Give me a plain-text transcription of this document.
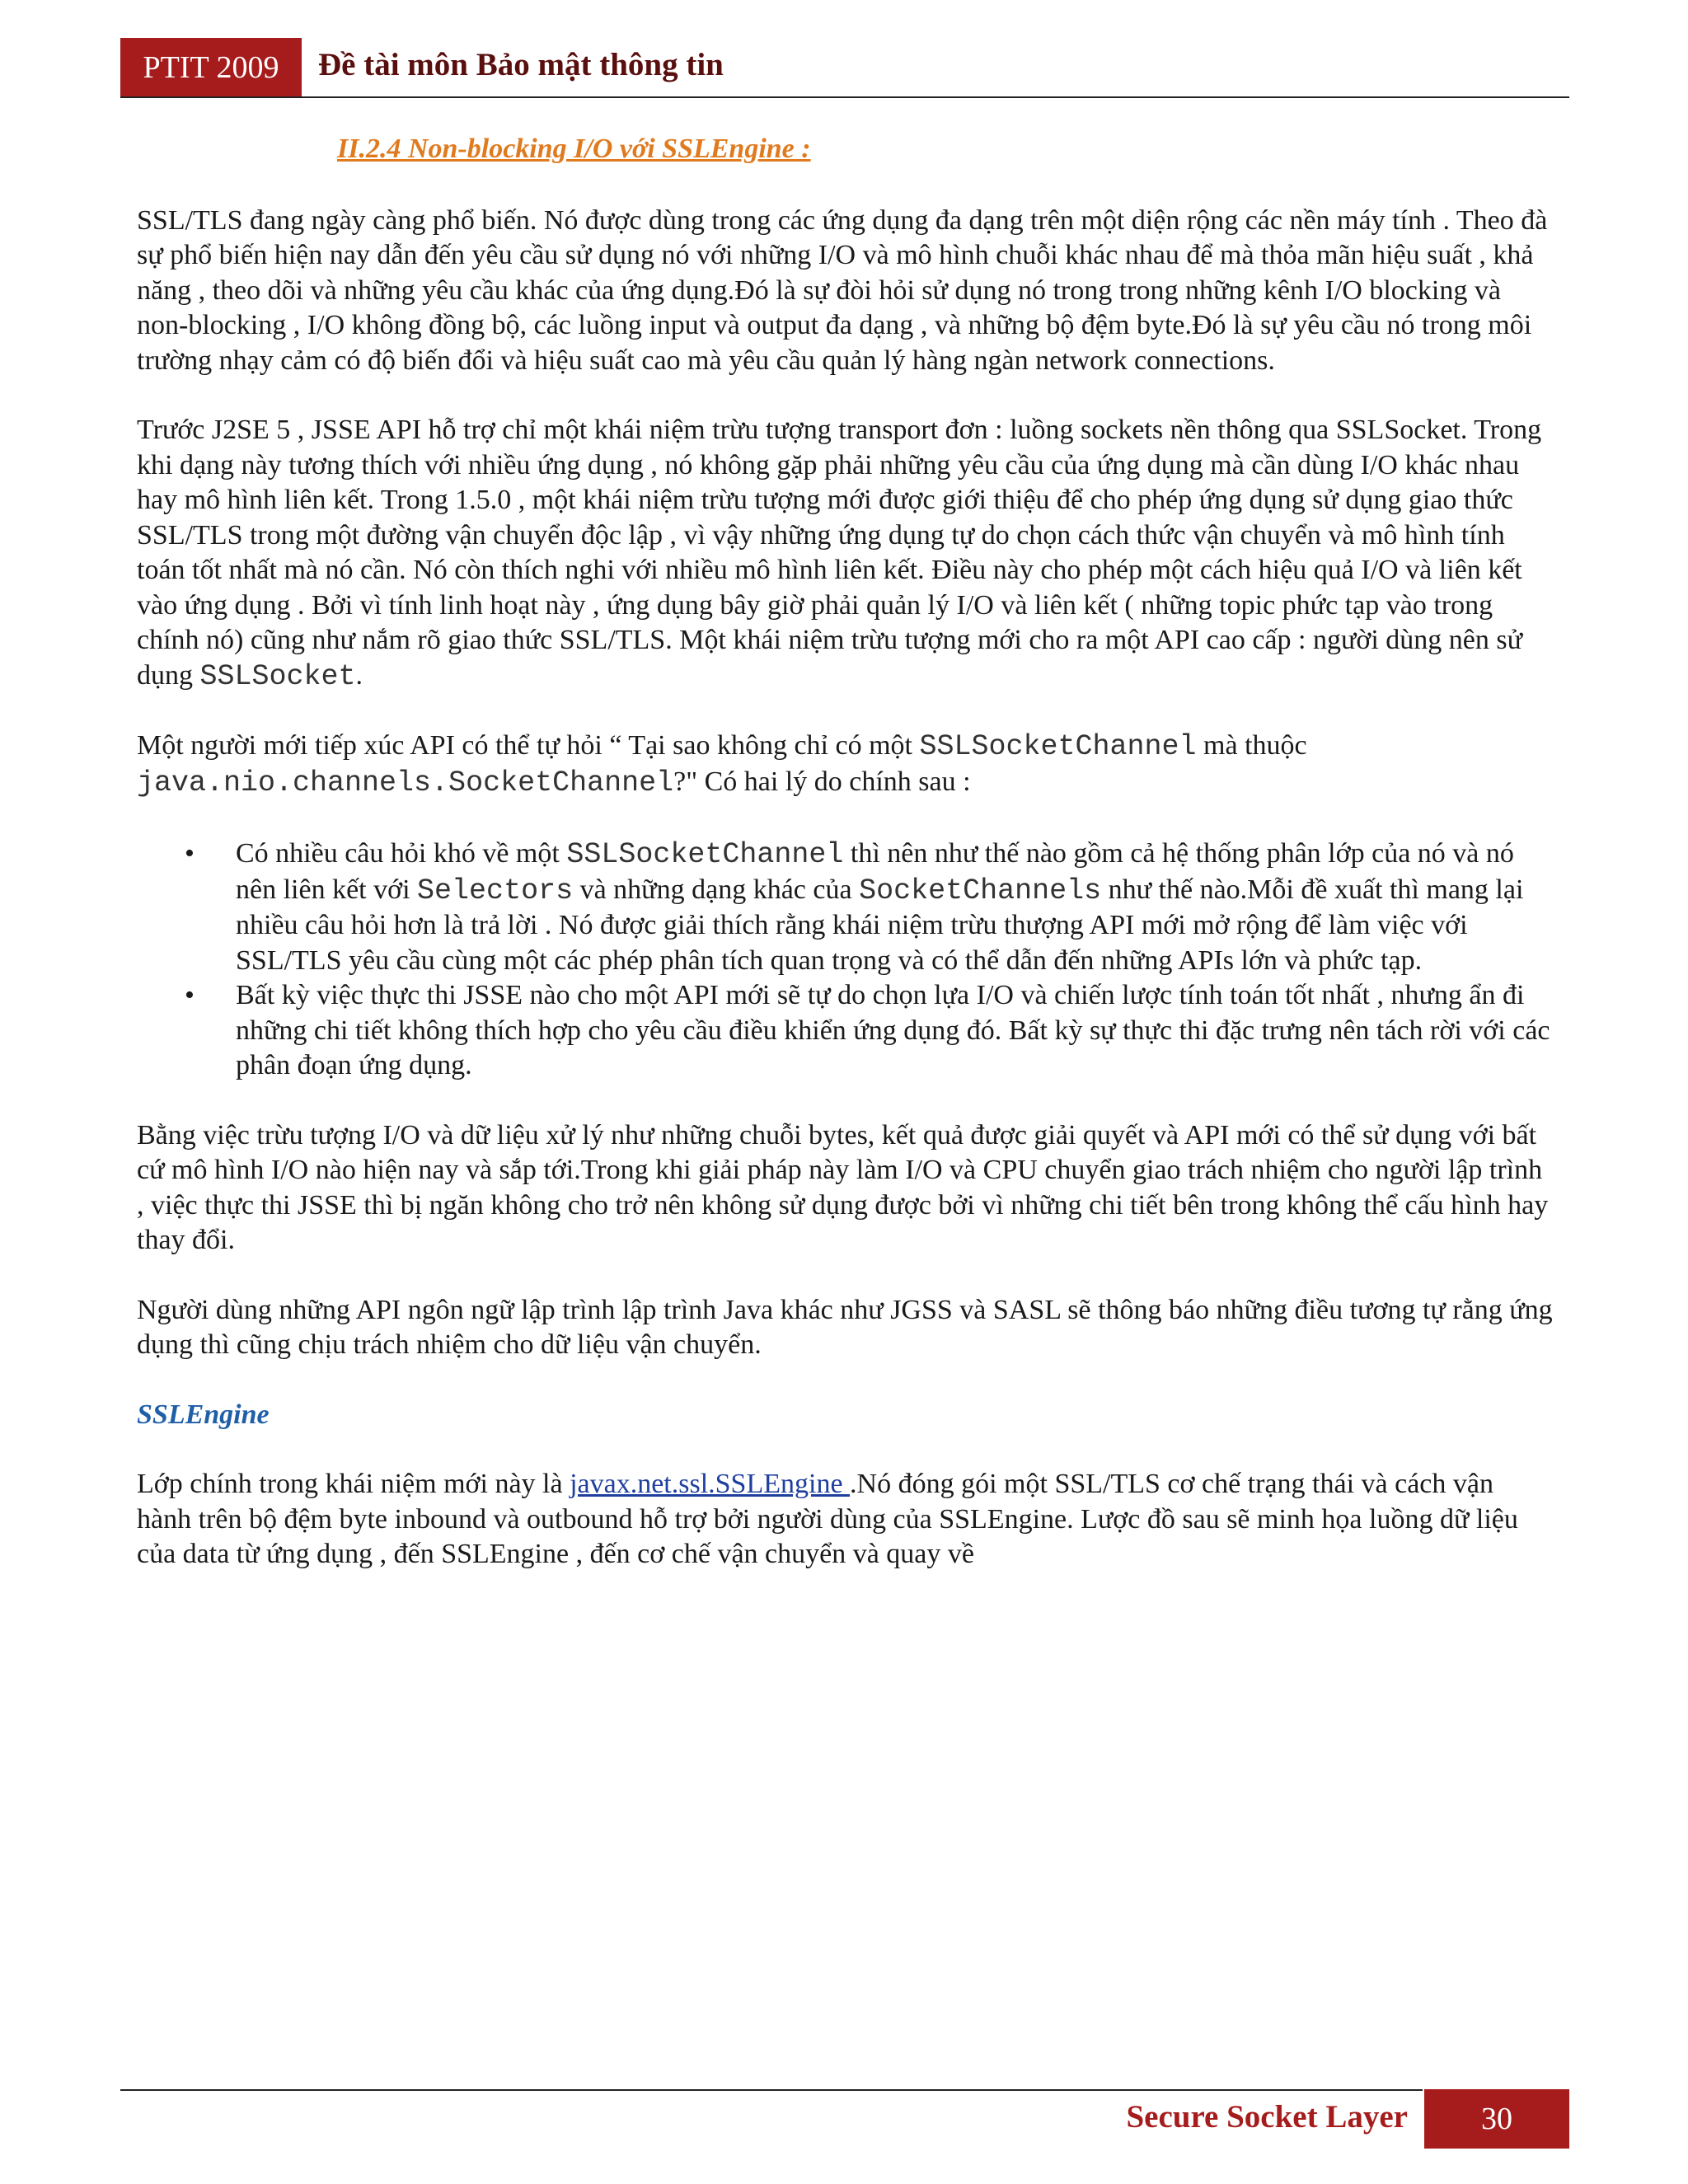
PTIT 2009	Đề tài môn Bảo mật thông tin
II.2.4 Non-blocking I/O với SSLEngine :

SSL/TLS đang ngày càng phổ biến. Nó được dùng trong các ứng dụng đa dạng trên một diện rộng các nền máy tính . Theo đà sự phổ biến hiện nay dẫn đến yêu cầu sử dụng nó với những I/O và mô hình chuỗi khác nhau để mà thỏa mãn hiệu suất , khả năng , theo dõi và những yêu cầu khác của ứng dụng.Đó là sự đòi hỏi sử dụng nó trong trong những kênh I/O blocking và non-blocking , I/O không đồng bộ, các luồng input và output đa dạng , và những bộ đệm byte.Đó là sự yêu cầu nó trong môi trường nhạy cảm có độ biến đổi và hiệu suất cao mà yêu cầu quản lý hàng ngàn network connections.

Trước J2SE 5 , JSSE API hỗ trợ chỉ một khái niệm trừu tượng transport đơn : luồng sockets nền thông qua SSLSocket. Trong khi dạng này tương thích với nhiều ứng dụng , nó không gặp phải những yêu cầu của ứng dụng mà cần dùng I/O khác nhau hay mô hình liên kết. Trong 1.5.0 , một khái niệm trừu tượng mới được giới thiệu để cho phép ứng dụng sử dụng giao thức SSL/TLS trong một đường vận chuyển độc lập , vì vậy những ứng dụng tự do chọn cách thức vận chuyển và mô hình tính toán tốt nhất mà nó cần. Nó còn thích nghi với nhiều mô hình liên kết. Điều này cho phép một cách hiệu quả I/O và liên kết vào ứng dụng . Bởi vì tính linh hoạt này , ứng dụng bây giờ phải quản lý I/O và liên kết ( những topic phức tạp vào trong chính nó) cũng như nắm rõ giao thức SSL/TLS. Một khái niệm trừu tượng mới cho ra một API cao cấp : người dùng nên sử dụng SSLSocket.

Một người mới tiếp xúc API có thể tự hỏi “ Tại sao không chỉ có một SSLSocketChannel mà thuộc
java.nio.channels.SocketChannel?" Có hai lý do chính sau :

• Có nhiều câu hỏi khó về một SSLSocketChannel thì nên như thế nào gồm cả hệ thống phân lớp của nó và nó nên liên kết với Selectors và những dạng khác của SocketChannels như thế nào.Mỗi đề xuất thì mang lại nhiều câu hỏi hơn là trả lời . Nó được giải thích rằng khái niệm trừu thượng API mới mở rộng để làm việc với SSL/TLS yêu cầu cùng một các phép phân tích quan trọng và có thể dẫn đến những APIs lớn và phức tạp.
• Bất kỳ việc thực thi JSSE nào cho một API mới sẽ tự do chọn lựa I/O và chiến lược tính toán tốt nhất , nhưng ẩn đi những chi tiết không thích hợp cho yêu cầu điều khiển ứng dụng đó. Bất kỳ sự thực thi đặc trưng nên tách rời với các phân đoạn ứng dụng.

Bằng việc trừu tượng I/O và dữ liệu xử lý như những chuỗi bytes, kết quả được giải quyết và API mới có thể sử dụng với bất cứ mô hình I/O nào hiện nay và sắp tới.Trong khi giải pháp này làm I/O và CPU chuyển giao trách nhiệm cho người lập trình , việc thực thi JSSE thì bị ngăn không cho trở nên không sử dụng được bởi vì những chi tiết bên trong không thể cấu hình hay thay đổi.

Người dùng những API ngôn ngữ lập trình lập trình Java khác như JGSS và SASL sẽ thông báo những điều tương tự rằng ứng dụng thì cũng chịu trách nhiệm cho dữ liệu vận chuyển.

SSLEngine

Lớp chính trong khái niệm mới này là javax.net.ssl.SSLEngine .Nó đóng gói một SSL/TLS cơ chế trạng thái và cách vận hành trên bộ đệm byte inbound và outbound hỗ trợ bởi người dùng của SSLEngine. Lược đồ sau sẽ minh họa luồng dữ liệu của data từ ứng dụng , đến SSLEngine , đến cơ chế vận chuyển và quay về

Secure Socket Layer	30
